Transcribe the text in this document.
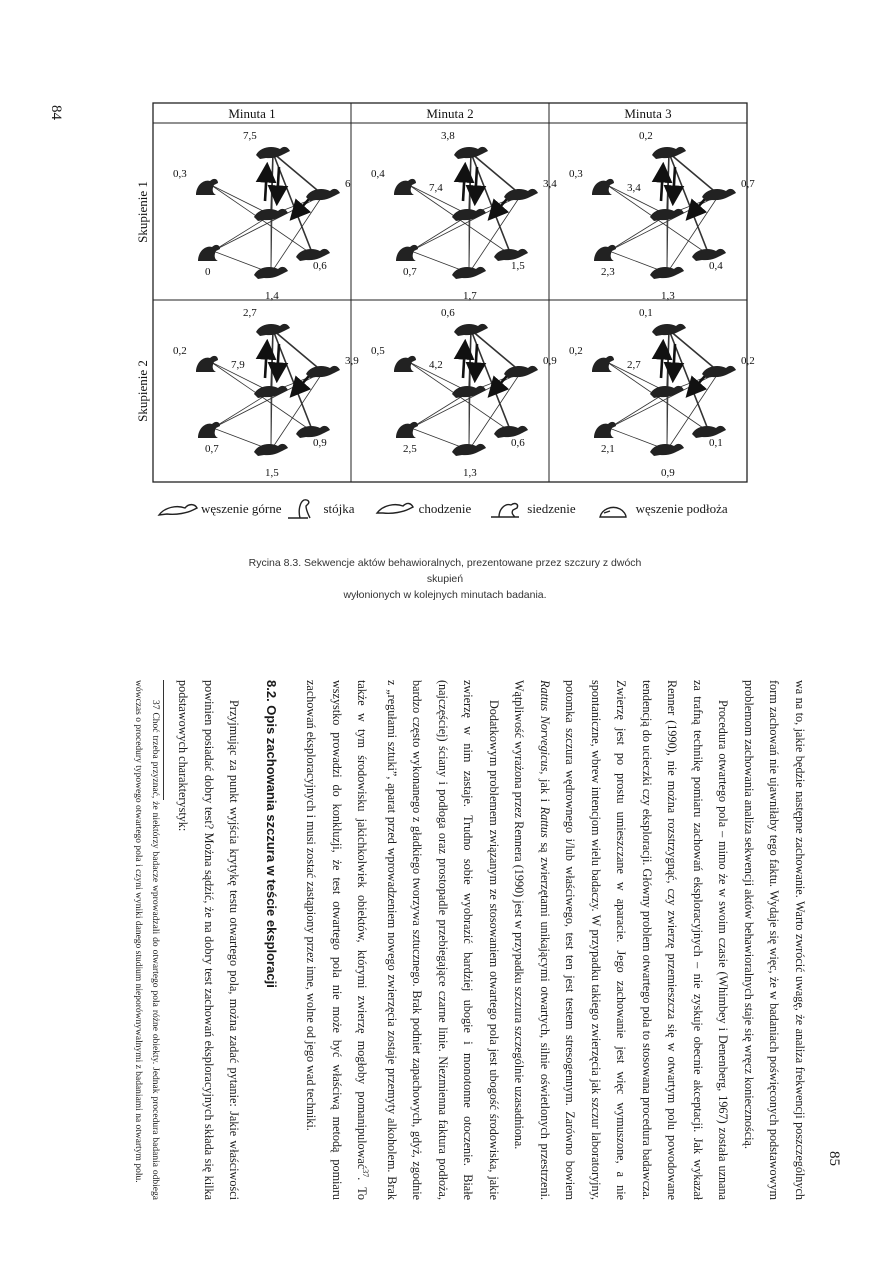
84
85
Minuta 1	Minuta 2	Minuta 3
Skupienie 1
Skupienie 2
7,5
0,3
6
0	0,6
1,4
3,8
0,4
3,4
7,4
0,7	1,5
1,7
0,2
0,3
0,7
3,4
2,3	0,4
1,3
2,7
0,2
3,9
7,9
0,7	0,9
1,5
0,6
0,5
0,9
4,2
2,5	0,6
1,3
0,1
0,2
0,2
2,7
2,1	0,1
0,9
węszenie górne	stójka	chodzenie	siedzenie	węszenie podłoża
Rycina 8.3. Sekwencje aktów behawioralnych, prezentowane przez szczury z dwóch skupień
wyłonionych w kolejnych minutach badania.

wa na to, jakie będzie następne zachowanie. Warto zwrócić uwagę, że analiza frekwencji poszczególnych form zachowań nie ujawniłaby tego faktu. Wydaje się więc, że w badaniach poświęconych podstawowym problemom zachowania analiza sekwencji aktów behawioralnych staje się wręcz koniecznością.

Procedura otwartego pola – mimo że w swoim czasie (Whimbey i Denenberg, 1967) została uznana za trafną technikę pomiaru zachowań eksploracyjnych – nie zyskuje obecnie akceptacji. Jak wykazał Renner (1990), nie można rozstrzygnąć, czy zwierzę przemieszcza się w otwartym polu powodowane tendencją do ucieczki czy eksploracji. Główny problem otwartego pola to stosowana procedura badawcza. Zwierzę jest po prostu umieszczane w aparacie. Jego zachowanie jest więc wymuszone, a nie spontaniczne, wbrew intencjom wielu badaczy. W przypadku takiego zwierzęcia jak szczur laboratoryjny, potomka szczura wędrownego i/lub właściwego, test ten jest testem stresogennym. Zarówno bowiem Rattus Norvegicus, jak i Rattus są zwierzętami unikającymi otwartych, silnie oświetlonych przestrzeni. Wątpliwość wyrażona przez Rennera (1990) jest w przypadku szczura szczególnie uzasadniona.

Dodatkowym problemem związanym ze stosowaniem otwartego pola jest ubogość środowiska, jakie zwierzę w nim zastaje. Trudno sobie wyobrazić bardziej ubogie i monotonne otoczenie. Białe (najczęściej) ściany i podłoga oraz prostopadle przebiegające czarne linie. Niezmienna faktura podłoża, bardzo często wykonanego z gładkiego tworzywa sztucznego. Brak podniet zapachowych, gdyż, zgodnie z „regułami sztuki”, aparat przed wprowadzeniem nowego zwierzęcia zostaje przemyty alkoholem. Brak także w tym środowisku jakichkolwiek obiektów, którymi zwierzę mogłoby pomanipulować$^{37}$. To wszystko prowadzi do konkluzji, że test otwartego pola nie może być właściwą metodą pomiaru zachowań eksploracyjnych i musi zostać zastąpiony przez inne, wolne od jego wad techniki.

8.2. Opis zachowania szczura w teście eksploracji

Przyjmując za punkt wyjścia krytykę testu otwartego pola, można zadać pytanie: Jakie właściwości powinien posiadać dobry test? Można sądzić, że na dobry test zachowań eksploracyjnych składa się kilka podstawowych charakterystyk:

37 Choć trzeba przyznać, że niektórzy badacze wprowadzali do otwartego pola różne obiekty. Jednak procedura badania odbiega wówczas o procedury typowego otwartego pola i czyni wyniki danego studium nieporównywalnymi z badaniami na otwartym polu.
